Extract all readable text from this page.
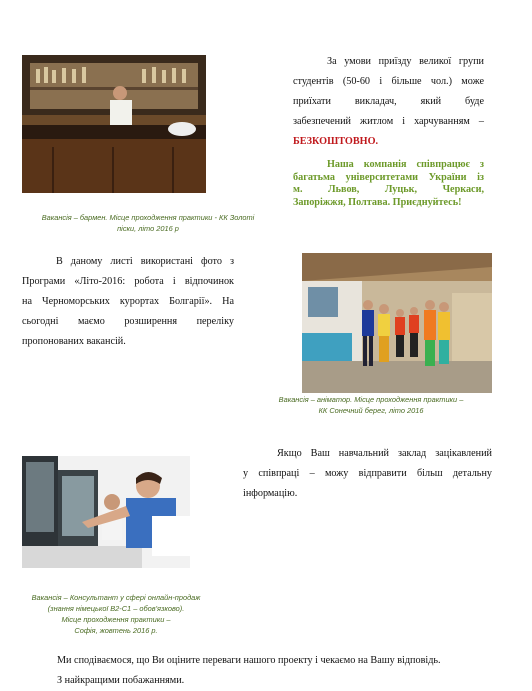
За умови приїзду великої групи
студентів (50-60 і більше чол.) може
приїхати викладач, який буде
забезпечений житлом і харчуванням –
БЕЗКОШТОВНО.
Наша компанія співпрацює з
багатьма університетами України із
м. Львов, Луцьк, Черкаси,
Запоріжжя, Полтава. Приєднуйтесь!
Вакансія – бармен. Місце проходження практики - КК Золоті
піски, літо 2016 р
В даному листі використані фото з
Програми «Літо-2016: робота і відпочинок
на Черноморських курортах Болгарії». На
сьогодні маємо розширення переліку
пропонованих вакансій.
Вакансія – аніматор. Місце проходження практики –
КК Сонечний берег, літо 2016
Якщо Ваш навчальний заклад зацікавлений
у співпраці – можу відправити більш детальну
інформацію.
Вакансія – Консультант у сфері онлайн-продаж
(знання німецької В2-С1 – обов'язково).
Місце проходження практики –
Софія, жовтень 2016 р.
Ми сподіваємося, що Ви оціните переваги нашого проекту і чекаємо на Вашу відповідь.
З найкращими побажаннями.
